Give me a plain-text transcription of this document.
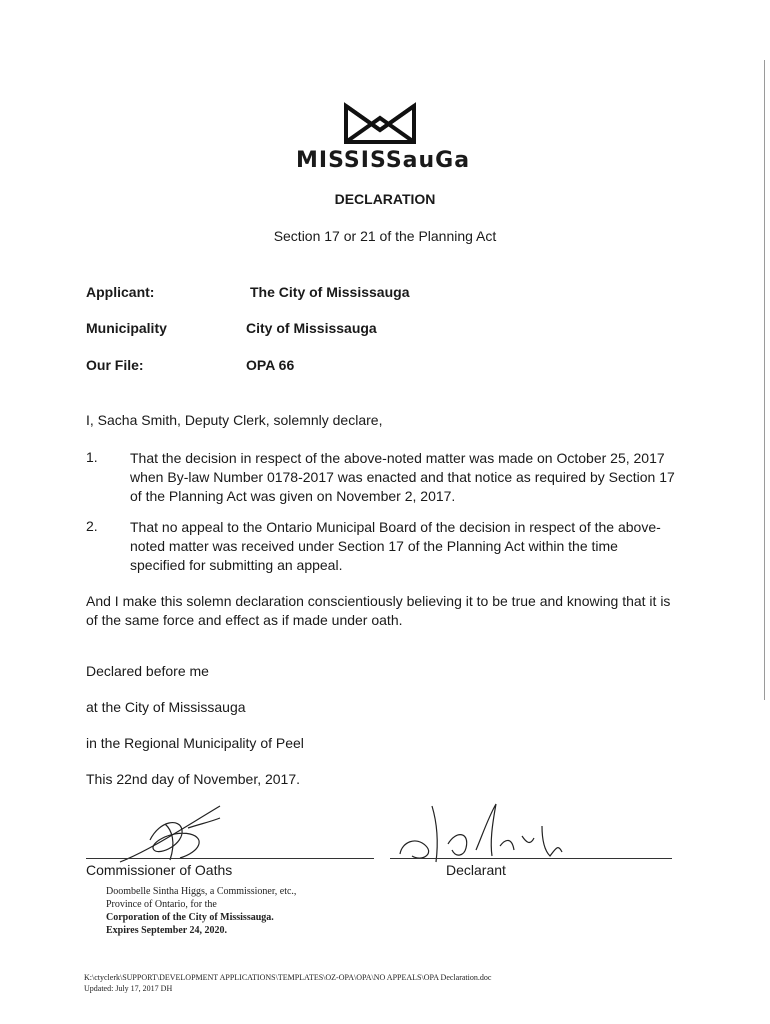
MISSISSauGa
DECLARATION
Section 17 or 21 of the Planning Act
Applicant:	The City of Mississauga
Municipality	City of Mississauga
Our File:	OPA 66
I, Sacha Smith, Deputy Clerk, solemnly declare,
1. That the decision in respect of the above-noted matter was made on October 25, 2017 when By-law Number 0178-2017 was enacted and that notice as required by Section 17 of the Planning Act was given on November 2, 2017.
2. That no appeal to the Ontario Municipal Board of the decision in respect of the above-noted matter was received under Section 17 of the Planning Act within the time specified for submitting an appeal.
And I make this solemn declaration conscientiously believing it to be true and knowing that it is of the same force and effect as if made under oath.
Declared before me
at the City of Mississauga
in the Regional Municipality of Peel
This 22nd day of November, 2017.
Commissioner of Oaths	Declarant
Doombelle Sintha Higgs, a Commissioner, etc.,
Province of Ontario, for the
Corporation of the City of Mississauga.
Expires September 24, 2020.
K:\ctyclerk\SUPPORT\DEVELOPMENT APPLICATIONS\TEMPLATES\OZ-OPA\OPA\NO APPEALS\OPA Declaration.doc
Updated: July 17, 2017 DH
